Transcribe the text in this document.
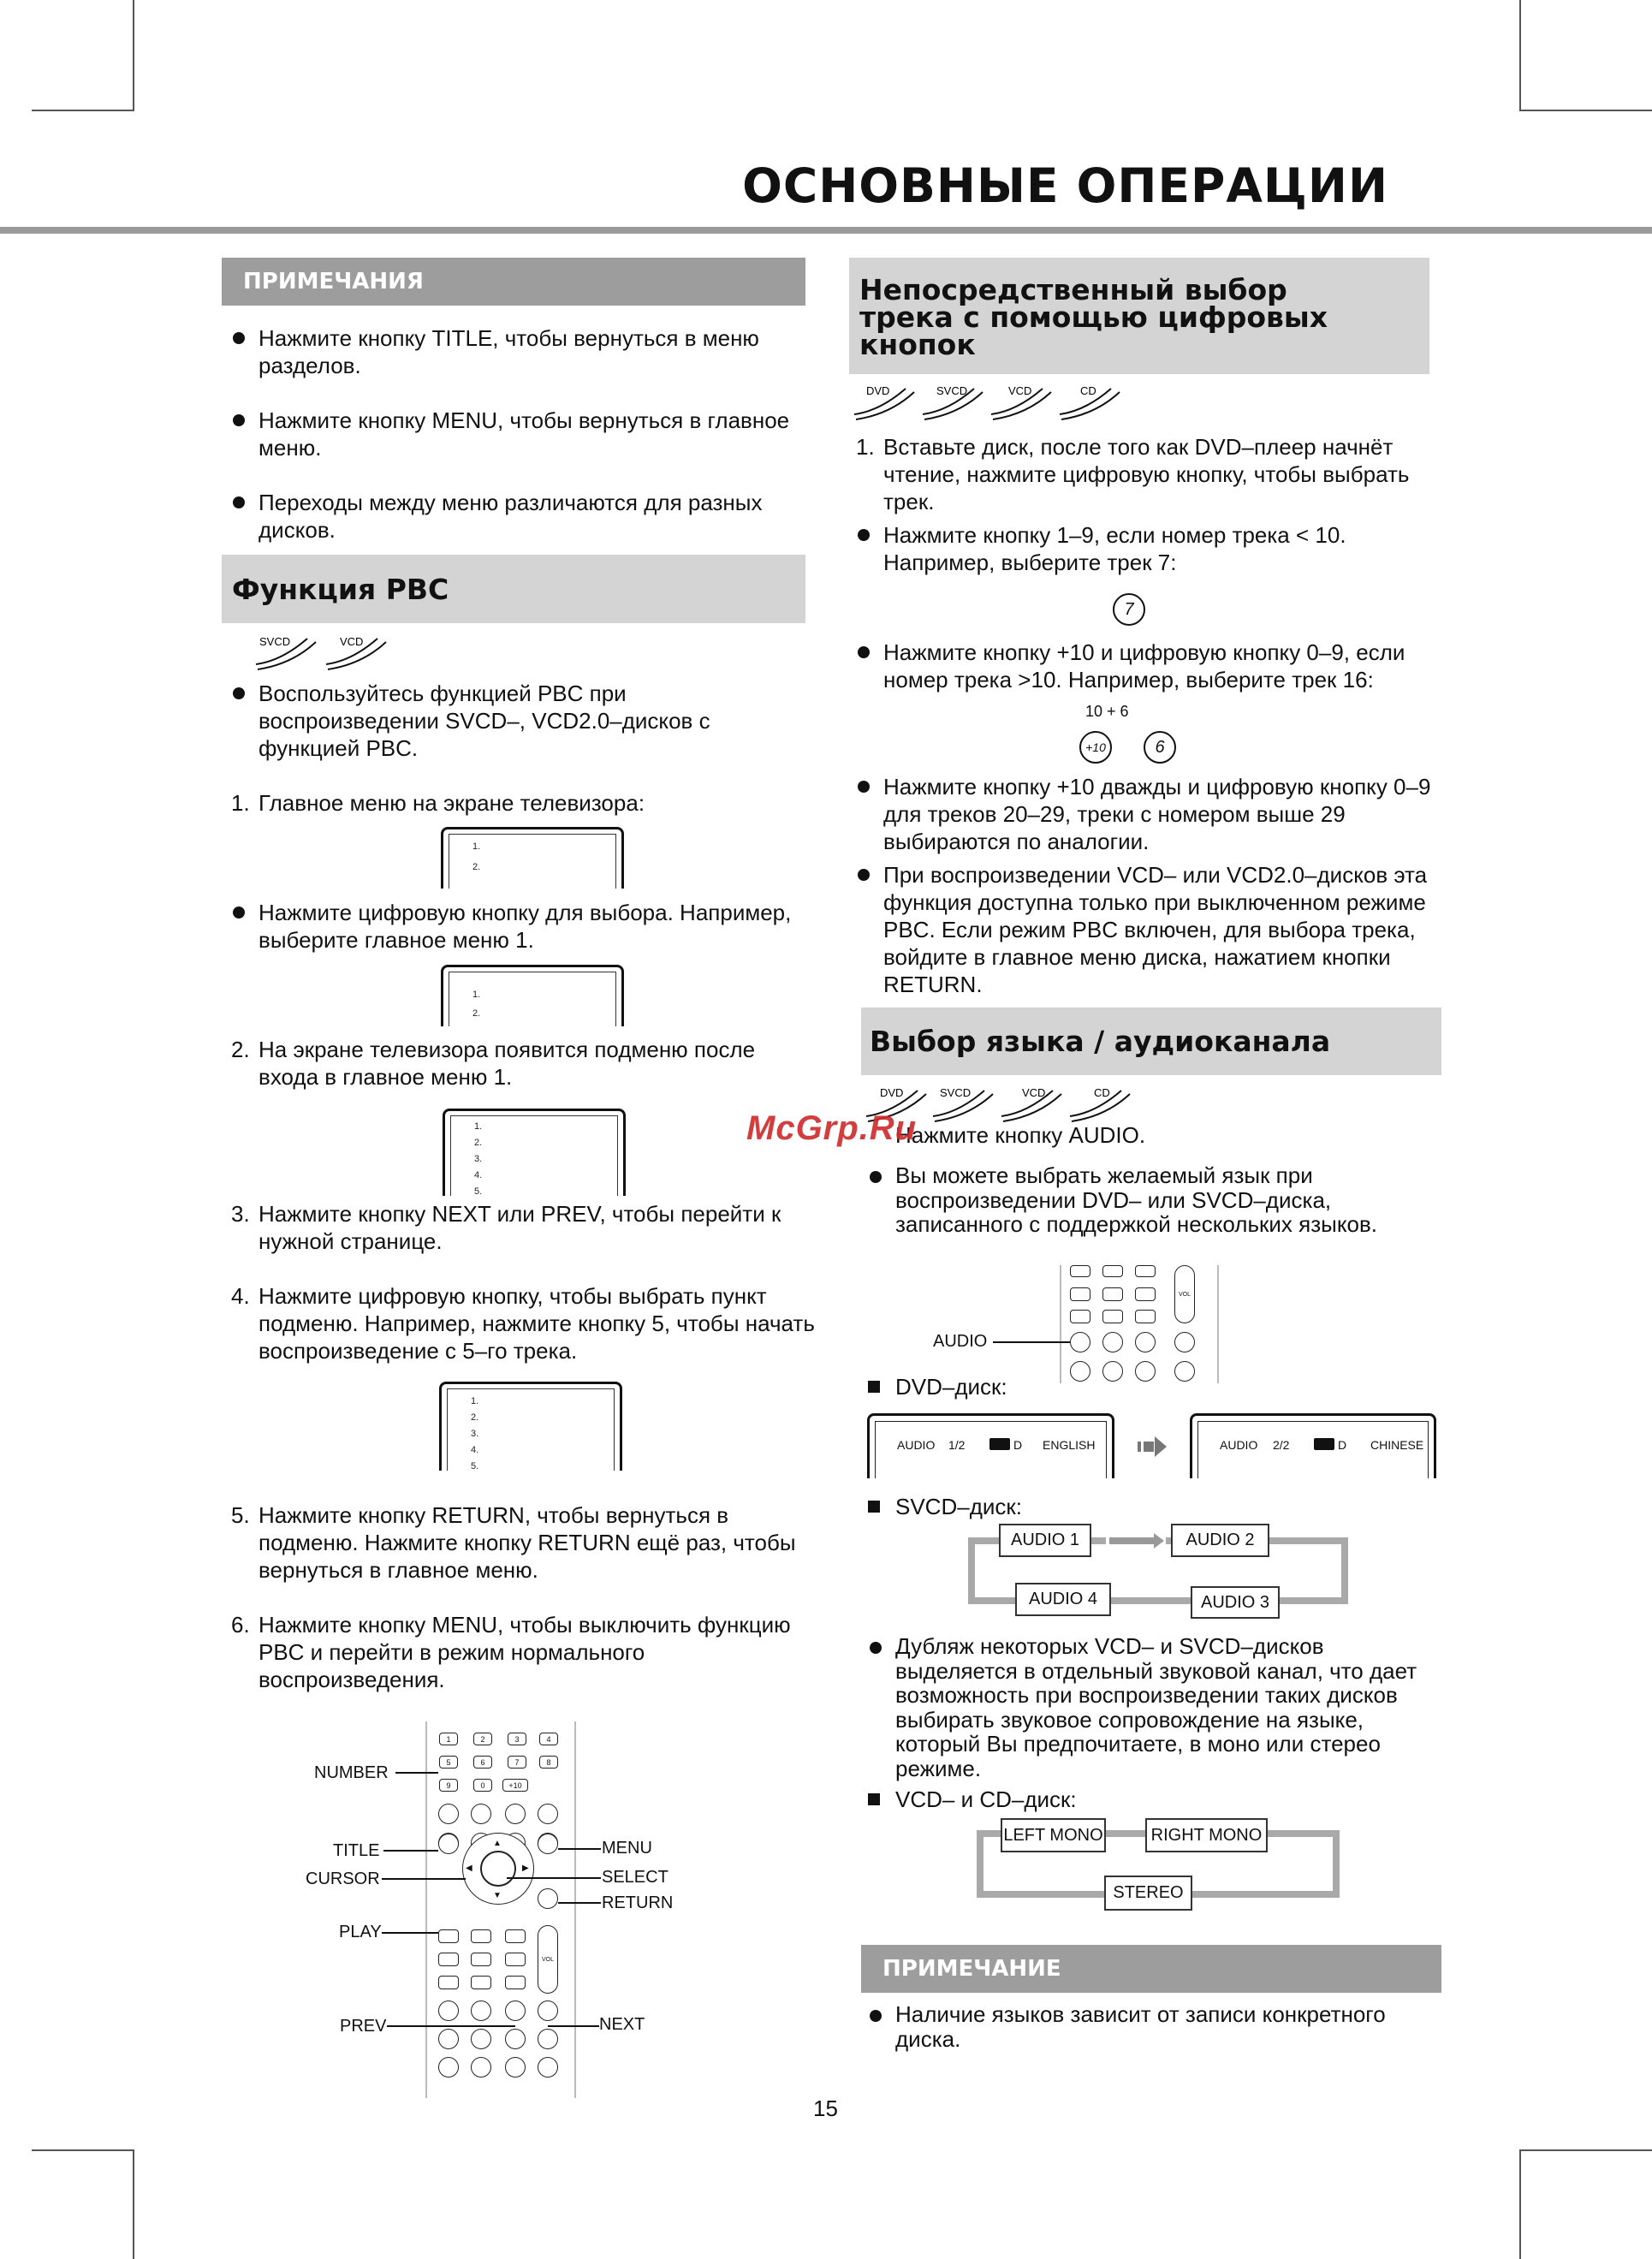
ОСНОВНЫЕ ОПЕРАЦИИ
ПРИМЕЧАНИЯ
Нажмите кнопку TITLE, чтобы вернуться в меню разделов.
Нажмите кнопку MENU, чтобы вернуться в главное меню.
Переходы между меню различаются для разных дисков.
Функция PBC
SVCD	VCD
Воспользуйтесь функцией PBC при воспроизведении SVCD–, VCD2.0–дисков с функцией PBC.
1. Главное меню на экране телевизора:
1.
2.
Нажмите цифровую кнопку для выбора. Например, выберите главное меню 1.
1.
2.
2. На экране телевизора появится подменю после входа в главное меню 1.
1.
2.
3.
4.
5.
3. Нажмите кнопку NEXT или PREV, чтобы перейти к нужной странице.
4. Нажмите цифровую кнопку, чтобы выбрать пункт подменю. Например, нажмите кнопку 5, чтобы начать воспроизведение с 5–го трека.
1.
2.
3.
4.
5.
5. Нажмите кнопку RETURN, чтобы вернуться в подменю. Нажмите кнопку RETURN ещё раз, чтобы вернуться в главное меню.
6. Нажмите кнопку MENU, чтобы выключить функцию PBC и перейти в режим нормального воспроизведения.
1	2	3	4
5	6	7	8
9	0	+10
▲
▼
◀	▶
VOL
NUMBER
TITLE
CURSOR
PLAY
PREV
MENU
SELECT
RETURN
NEXT
Непосредственный выбор трека с помощью цифровых кнопок
DVD	SVCD	VCD	CD
1. Вставьте диск, после того как DVD–плеер начнёт чтение, нажмите цифровую кнопку, чтобы выбрать трек.
Нажмите кнопку 1–9, если номер трека < 10. Например, выберите трек 7:
7
Нажмите кнопку +10 и цифровую кнопку 0–9, если номер трека >10. Например, выберите трек 16:
10 + 6
+10	6
Нажмите кнопку +10 дважды и цифровую кнопку 0–9 для треков 20–29, треки с номером выше 29 выбираются по аналогии.
При воспроизведении VCD– или VCD2.0–дисков эта функция доступна только при выключенном режиме PBC. Если режим PBC включен, для выбора трека, войдите в главное меню диска, нажатием кнопки RETURN.
Выбор языка / аудиоканала
DVD	SVCD	VCD	CD
Нажмите кнопку AUDIO.
Вы можете выбрать желаемый язык при воспроизведении DVD– или SVCD–диска, записанного с поддержкой нескольких языков.
VOL
AUDIO
DVD–диск:
AUDIO 1/2	D ENGLISH	AUDIO 2/2	D CHINESE
SVCD–диск:
AUDIO 1	AUDIO 2
AUDIO 3
AUDIO 4
Дубляж некоторых VCD– и SVCD–дисков выделяется в отдельный звуковой канал, что дает возможность при воспроизведении таких дисков выбирать звуковое сопровождение на языке, который Вы предпочитаете, в моно или стерео режиме.
VCD– и CD–диск:
LEFT MONO	RIGHT MONO
STEREO
ПРИМЕЧАНИЕ
Наличие языков зависит от записи конкретного диска.
McGrp.Ru
15
